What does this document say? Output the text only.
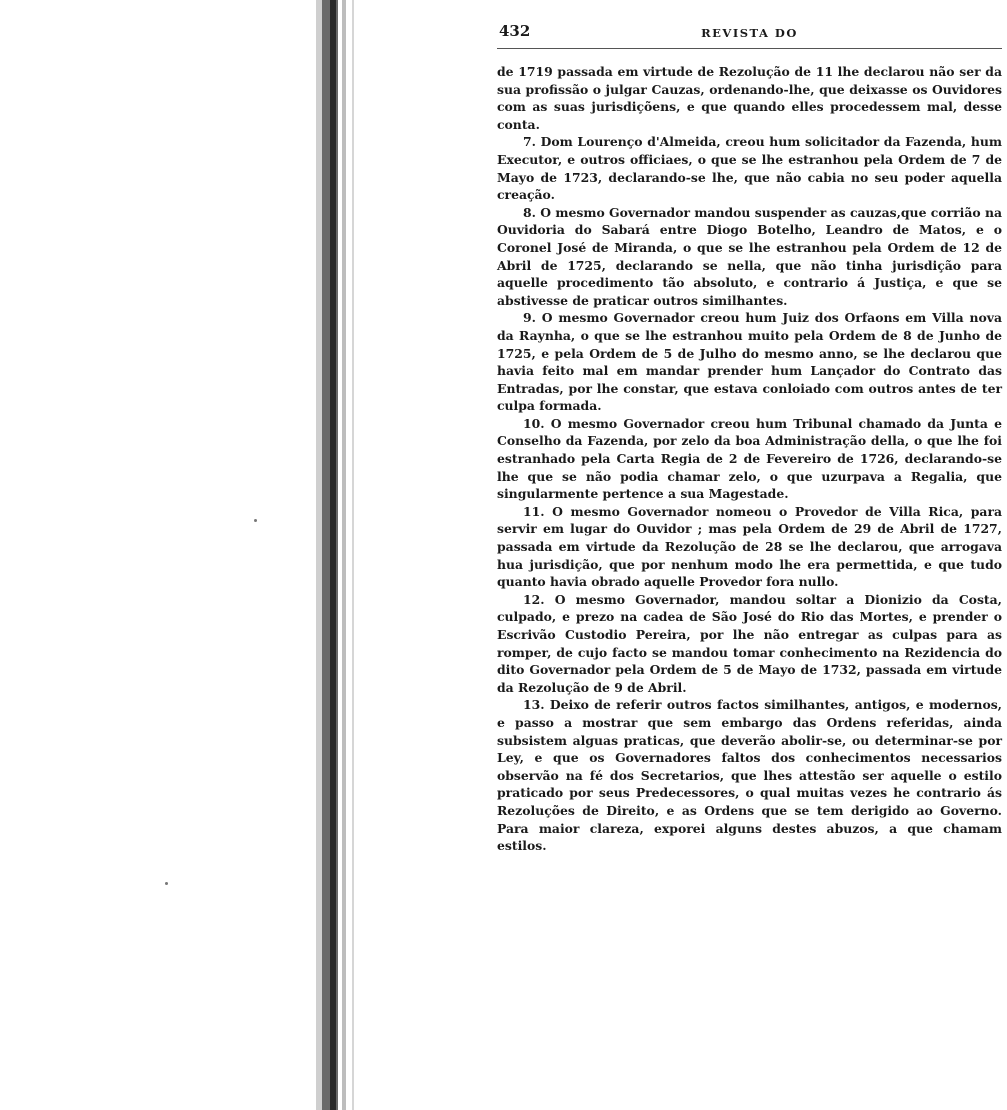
432	REVISTA DO

de 1719 passada em virtude de Rezolução de 11 lhe declarou não ser da sua profissão o julgar Cauzas, ordenando-lhe, que deixasse os Ouvidores com as suas jurisdiçõens, e que quando elles procedessem mal, desse conta.

7. Dom Lourenço d'Almeida, creou hum solicitador da Fazenda, hum Executor, e outros officiaes, o que se lhe estranhou pela Ordem de 7 de Mayo de 1723, declarando-se lhe, que não cabia no seu poder aquella creação.

8. O mesmo Governador mandou suspender as cauzas,que corrião na Ouvidoria do Sabará entre Diogo Botelho, Leandro de Matos, e o Coronel José de Miranda, o que se lhe estranhou pela Ordem de 12 de Abril de 1725, declarando se nella, que não tinha jurisdição para aquelle procedimento tão absoluto, e contrario á Justiça, e que se abstivesse de praticar outros similhantes.

9. O mesmo Governador creou hum Juiz dos Orfaons em Villa nova da Raynha, o que se lhe estranhou muito pela Ordem de 8 de Junho de 1725, e pela Ordem de 5 de Julho do mesmo anno, se lhe declarou que havia feito mal em mandar prender hum Lançador do Contrato das Entradas, por lhe constar, que estava conloiado com outros antes de ter culpa formada.

10. O mesmo Governador creou hum Tribunal chamado da Junta e Conselho da Fazenda, por zelo da boa Administração della, o que lhe foi estranhado pela Carta Regia de 2 de Fevereiro de 1726, declarando-se lhe que se não podia chamar zelo, o que uzurpava a Regalia, que singularmente pertence a sua Magestade.

11. O mesmo Governador nomeou o Provedor de Villa Rica, para servir em lugar do Ouvidor ; mas pela Ordem de 29 de Abril de 1727, passada em virtude da Rezolução de 28 se lhe declarou, que arrogava hua jurisdição, que por nenhum modo lhe era permettida, e que tudo quanto havia obrado aquelle Provedor fora nullo.

12. O mesmo Governador, mandou soltar a Dionizio da Costa, culpado, e prezo na cadea de São José do Rio das Mortes, e prender o Escrivão Custodio Pereira, por lhe não entregar as culpas para as romper, de cujo facto se mandou tomar conhecimento na Rezidencia do dito Governador pela Ordem de 5 de Mayo de 1732, passada em virtude da Rezolução de 9 de Abril.

13. Deixo de referir outros factos similhantes, antigos, e modernos, e passo a mostrar que sem embargo das Ordens referidas, ainda subsistem alguas praticas, que deverão abolir-se, ou determinar-se por Ley, e que os Governadores faltos dos conhecimentos necessarios observão na fé dos Secretarios, que lhes attestão ser aquelle o estilo praticado por seus Predecessores, o qual muitas vezes he contrario ás Rezoluções de Direito, e as Ordens que se tem derigido ao Governo. Para maior clareza, exporei alguns destes abuzos, a que chamam estilos.
